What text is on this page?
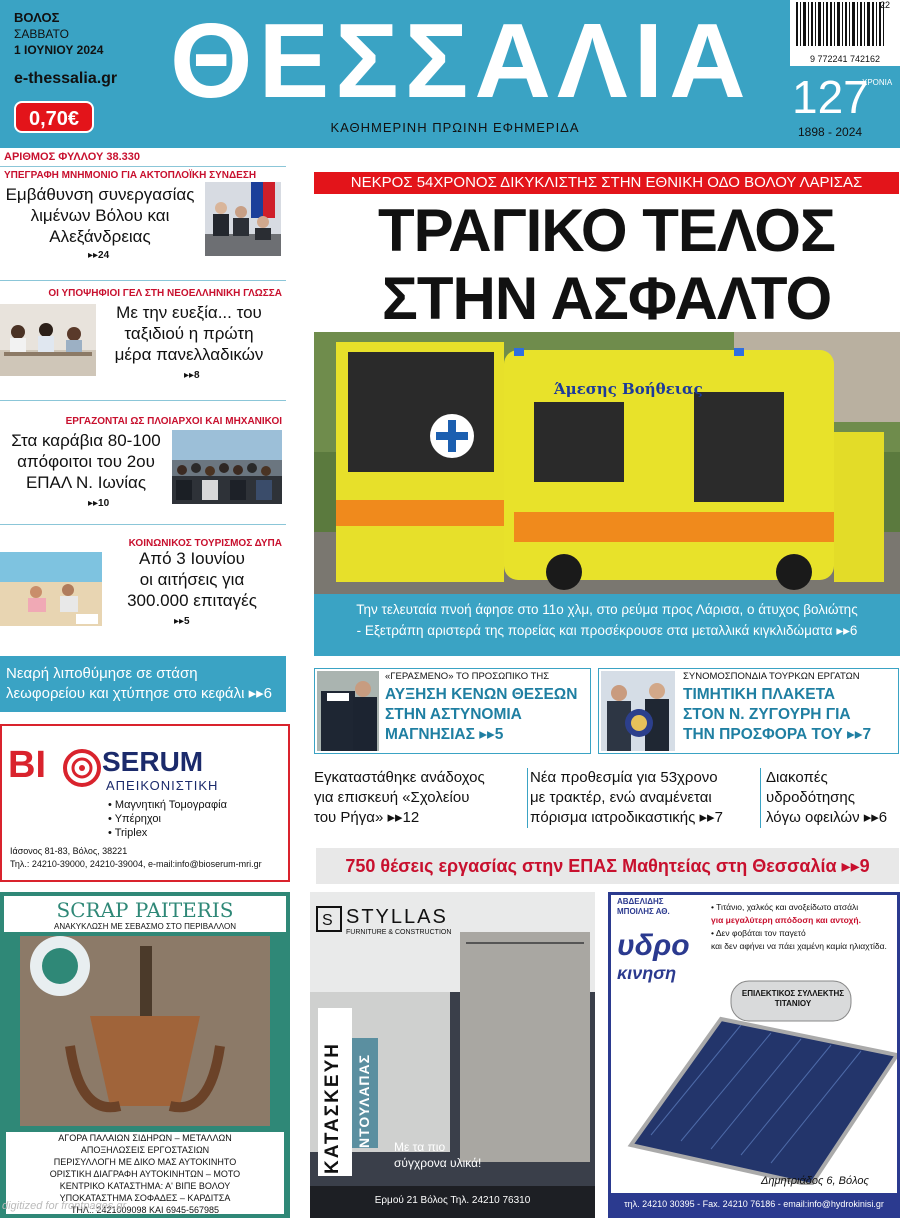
ΒΟΛΟΣ
ΣΑΒΒΑΤΟ
1 ΙΟΥΝΙΟΥ 2024
e-thessalia.gr
0,70€ ΘΕΣΣΑΛΙΑ
ΚΑΘΗΜΕΡΙΝΗ ΠΡΩΙΝΗ ΕΦΗΜΕΡΙΔΑ
9 772241 742162
22
127
ΧΡΟΝΙΑ
1898 - 2024
ΑΡΙΘΜΟΣ ΦΥΛΛΟΥ 38.330
ΥΠΕΓΡΑΦΗ ΜΝΗΜΟΝΙΟ ΓΙΑ ΑΚΤΟΠΛΟΪΚΗ ΣΥΝΔΕΣΗ
Εμβάθυνση συνεργασίας
λιμένων Βόλου και
Αλεξάνδρειας
▸▸24
ΟΙ ΥΠΟΨΗΦΙΟΙ ΓΕΛ ΣΤΗ ΝΕΟΕΛΛΗΝΙΚΗ ΓΛΩΣΣΑ
Με την ευεξία... του
ταξιδιού η πρώτη
μέρα πανελλαδικών
▸▸8
ΕΡΓΑΖΟΝΤΑΙ ΩΣ ΠΛΟΙΑΡΧΟΙ ΚΑΙ ΜΗΧΑΝΙΚΟΙ
Στα καράβια 80-100
απόφοιτοι του 2ου
ΕΠΑΛ Ν. Ιωνίας
▸▸10
ΚΟΙΝΩΝΙΚΟΣ ΤΟΥΡΙΣΜΟΣ ΔΥΠΑ
Από 3 Ιουνίου
οι αιτήσεις για
300.000 επιταγές
▸▸5
Νεαρή λιποθύμησε σε στάση
λεωφορείου και χτύπησε στο κεφάλι ▸▸6
BI SERUM
ΑΠΕΙΚΟΝΙΣΤΙΚΗ
• Μαγνητική Τομογραφία
• Υπέρηχοι
• Triplex
Ιάσονος 81-83, Βόλος, 38221
Τηλ.: 24210-39000, 24210-39004, e-mail:info@bioserum-mri.gr
ΝΕΚΡΟΣ 54ΧΡΟΝΟΣ ΔΙΚΥΚΛΙΣΤΗΣ ΣΤΗΝ ΕΘΝΙΚΗ ΟΔΟ ΒΟΛΟΥ ΛΑΡΙΣΑΣ
ΤΡΑΓΙΚΟ ΤΕΛΟΣ
ΣΤΗΝ ΑΣΦΑΛΤΟ
Άμεσης Βοήθειας
Την τελευταία πνοή άφησε στο 11ο χλμ, στο ρεύμα προς Λάρισα, ο άτυχος βολιώτης
- Εξετράπη αριστερά της πορείας και προσέκρουσε στα μεταλλικά κιγκλιδώματα ▸▸6
«ΓΕΡΑΣΜΕΝΟ» ΤΟ ΠΡΟΣΩΠΙΚΟ ΤΗΣ
ΑΥΞΗΣΗ ΚΕΝΩΝ ΘΕΣΕΩΝ
ΣΤΗΝ ΑΣΤΥΝΟΜΙΑ
ΜΑΓΝΗΣΙΑΣ ▸▸5
ΣΥΝΟΜΟΣΠΟΝΔΙΑ ΤΟΥΡΚΩΝ ΕΡΓΑΤΩΝ
ΤΙΜΗΤΙΚΗ ΠΛΑΚΕΤΑ
ΣΤΟΝ Ν. ΖΥΓΟΥΡΗ ΓΙΑ
ΤΗΝ ΠΡΟΣΦΟΡΑ ΤΟΥ ▸▸7
Εγκαταστάθηκε ανάδοχος
για επισκευή «Σχολείου
του Ρήγα» ▸▸12
Νέα προθεσμία για 53χρονο
με τρακτέρ, ενώ αναμένεται
πόρισμα ιατροδικαστικής ▸▸7
Διακοπές
υδροδότησης
λόγω οφειλών ▸▸6
750 θέσεις εργασίας στην ΕΠΑΣ Μαθητείας στη Θεσσαλία ▸▸9
SCRAP PAITERIS
ΑΝΑΚΥΚΛΩΣΗ ΜΕ ΣΕΒΑΣΜΟ ΣΤΟ ΠΕΡΙΒΑΛΛΟΝ
ΑΓΟΡΑ ΠΑΛΑΙΩΝ ΣΙΔΗΡΩΝ – ΜΕΤΑΛΛΩΝ
ΑΠΟΞΗΛΩΣΕΙΣ ΕΡΓΟΣΤΑΣΙΩΝ
ΠΕΡΙΣΥΛΛΟΓΗ ΜΕ ΔΙΚΟ ΜΑΣ ΑΥΤΟΚΙΝΗΤΟ
ΟΡΙΣΤΙΚΗ ΔΙΑΓΡΑΦΗ ΑΥΤΟΚΙΝΗΤΩΝ – ΜΟΤΟ
ΚΕΝΤΡΙΚΟ ΚΑΤΑΣΤΗΜΑ: Α' ΒΙΠΕ ΒΟΛΟΥ
ΥΠΟΚΑΤΑΣΤΗΜΑ ΣΟΦΑΔΕΣ – ΚΑΡΔΙΤΣΑ
ΤΗΛ.: 2421009098 ΚΑΙ 6945-567985
S STYLLAS
FURNITURE & CONSTRUCTION
ΚΑΤΑΣΚΕΥΗ ΝΤΟΥΛΑΠΑΣ Με τα πιο
σύγχρονα υλικά!
Ερμού 21 Βόλος Τηλ. 24210 76310
ΑΒΔΕΛΙΔΗΣ
ΜΠΟΙΛΗΣ ΑΘ.
υδρο
κινηση
• Τιτάνιο, χαλκός και ανοξείδωτο ατσάλι
για μεγαλύτερη απόδοση και αντοχή.
• Δεν φοβάται τον παγετό
και δεν αφήνει να πάει χαμένη καμία ηλιαχτίδα.
ΕΠΙΛΕΚΤΙΚΟΣ ΣΥΛΛΕΚΤΗΣ
ΤΙΤΑΝΙΟΥ
Δημητριάδος 6, Βόλος
τηλ. 24210 30395 - Fax. 24210 76186 - email:info@hydrokinisi.gr
digitized for frontpages.gr
